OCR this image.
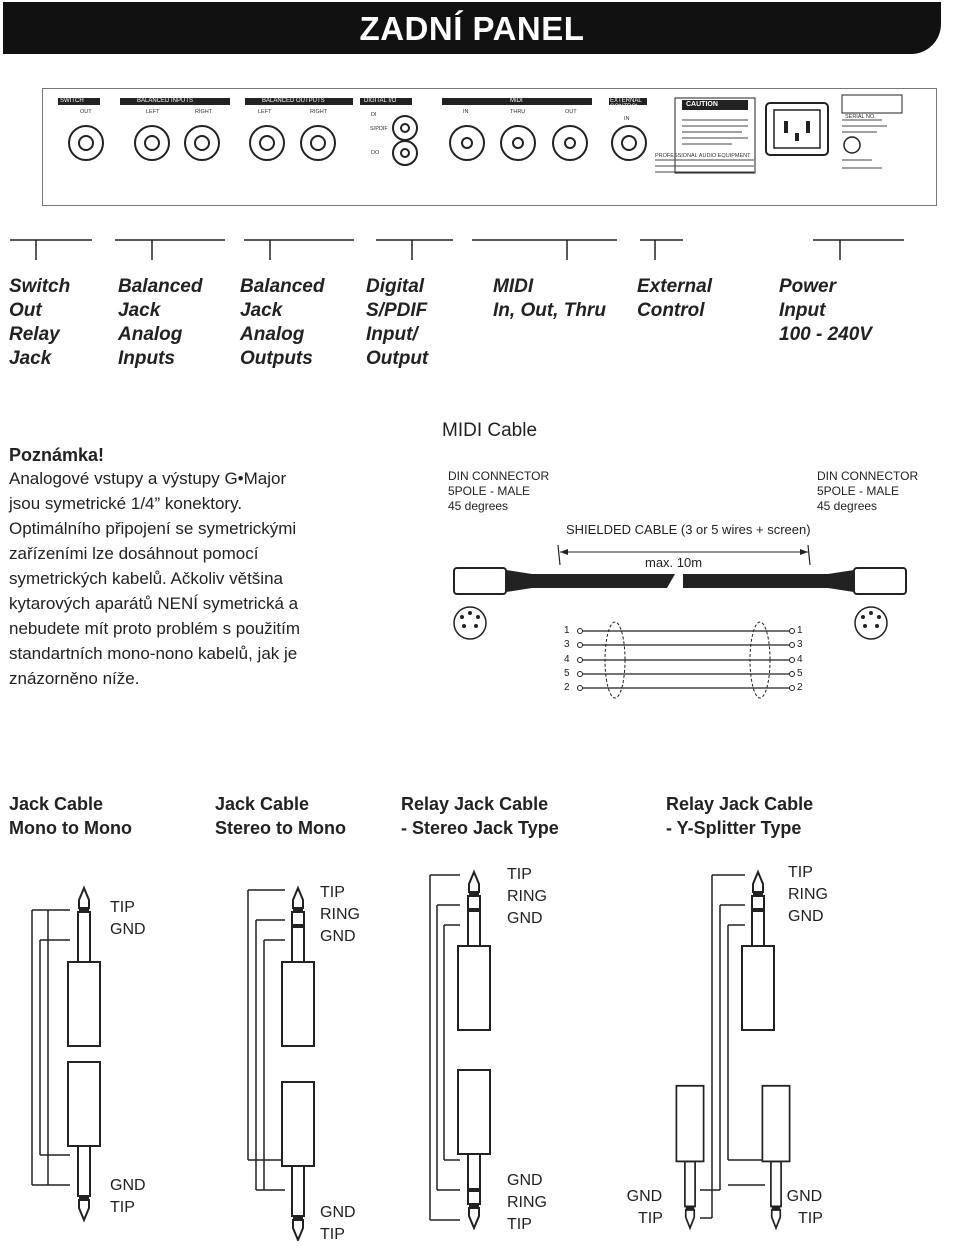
ZADNÍ PANEL
SWITCH	BALANCED INPUTS	BALANCED OUTPUTS	DIGITAL I/O	MIDI	EXTERNAL CONTROL
OUT	LEFT	RIGHT	LEFT	RIGHT	DI
S/PDIF
DO
IN	THRU	OUT
IN
CAUTION
SERIAL NO.
PROFESSIONAL AUDIO EQUIPMENT
Switch
Out
Relay
Jack
Balanced
Jack
Analog
Inputs
Balanced
Jack
Analog
Outputs
Digital
S/PDIF
Input/
Output
MIDI
In, Out, Thru
External
Control
Power
Input
100 - 240V
Poznámka!
Analogové vstupy a výstupy G•Major
jsou symetrické 1/4” konektory.
Optimálního připojení se symetrickými
zařízeními lze dosáhnout pomocí
symetrických kabelů. Ačkoliv většina
kytarových aparátů NENÍ symetrická a
nebudete mít proto problém s použitím
standartních mono-nono kabelů, jak je
znázorněno níže.
MIDI Cable
DIN CONNECTOR
5POLE - MALE
45 degrees
DIN CONNECTOR
5POLE - MALE
45 degrees
SHIELDED CABLE (3 or 5 wires + screen)
max. 10m
1
3
4
5
2
1
3
4
5
2
Jack Cable
Mono to Mono
Jack Cable
Stereo to Mono
Relay Jack Cable
- Stereo Jack Type
Relay Jack Cable
- Y-Splitter Type
TIP
GND
GND
TIP
TIP
RING
GND
GND
TIP
TIP
RING
GND
GND
RING
TIP
TIP
RING
GND
GND
TIP
GND
TIP
